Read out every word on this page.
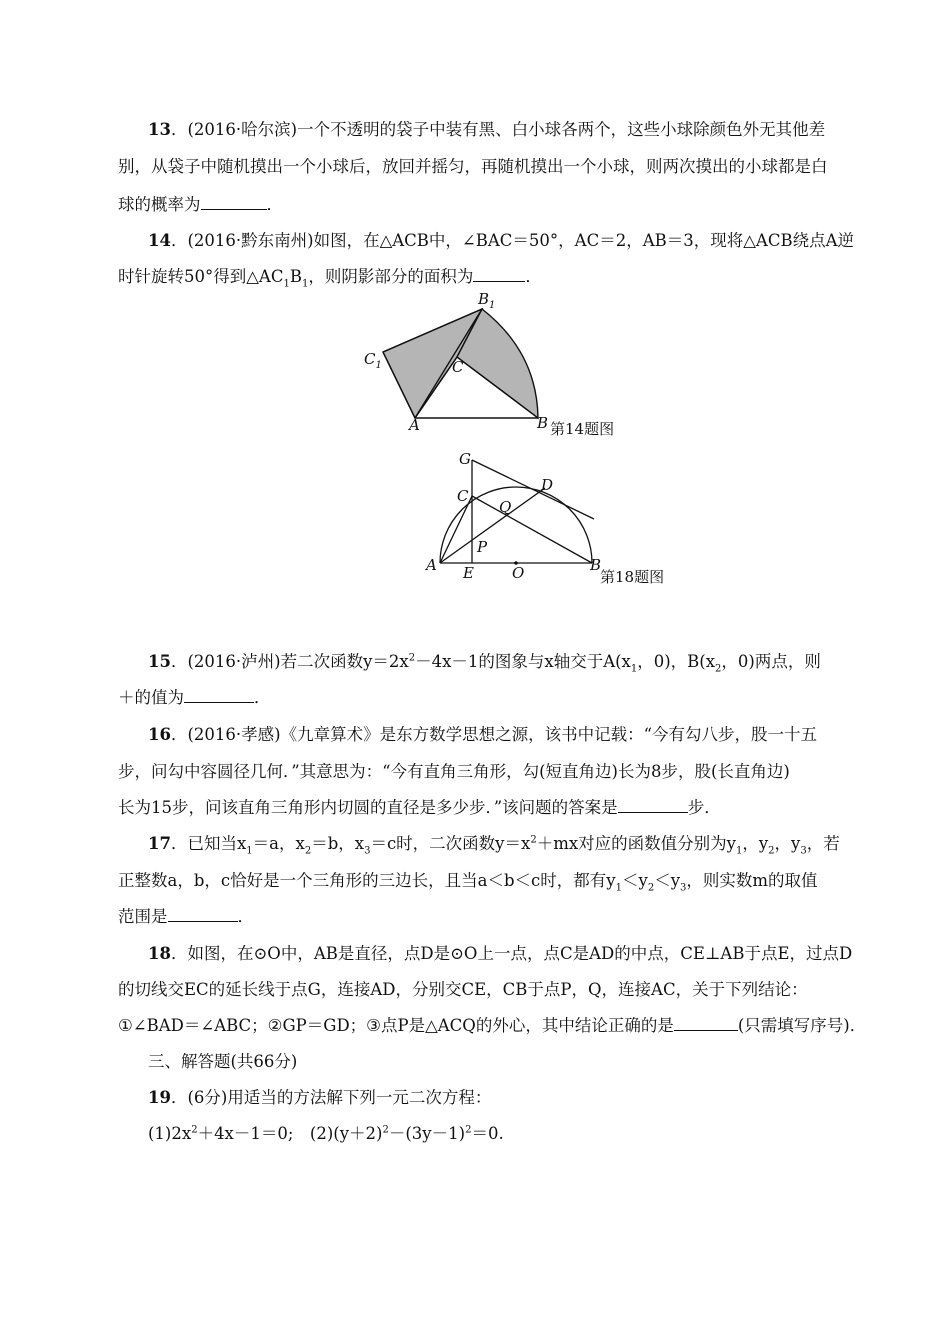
13．(2016·哈尔滨)一个不透明的袋子中装有黑、白小球各两个，这些小球除颜色外无其他差
别，从袋子中随机摸出一个小球后，放回并摇匀，再随机摸出一个小球，则两次摸出的小球都是白
球的概率为	．
14．(2016·黔东南州)如图，在△ACB中，∠BAC＝50°，AC＝2，AB＝3，现将△ACB绕点A逆
时针旋转50°得到$\triangle AC_1B_1$，则阴影部分的面积为	．
$B_1$
$C_1$	C
A	B 第14题图
G
C
D
Q
P
A E	O	B
第18题图
15．(2016·泸州)若二次函数$y=2x^2-4x-1$的图象与x轴交于$A(x_1$，0)，$B(x_2$，0)两点，则
＋的值为	．
16．(2016·孝感)《九章算术》是东方数学思想之源，该书中记载：“今有勾八步，股一十五
步，问勾中容圆径几何．”其意思为：“今有直角三角形，勾(短直角边)长为8步，股(长直角边)
长为15步，问该直角三角形内切圆的直径是多少步．”该问题的答案是	步．
17．已知当$x_1=a$，$x_2=b$，$x_3=c$时，二次函数$y=x^2+mx$对应的函数值分别为$y_1$，$y_2$，$y_3$，若
正整数a，b，c恰好是一个三角形的三边长，且当a＜b＜c时，都有$y_1<y_2<y_3$，则实数m的取值
范围是	．
18．如图，在⊙O中，AB是直径，点D是⊙O上一点，点C是AD的中点，CE⊥AB于点E，过点D
的切线交EC的延长线于点G，连接AD，分别交CE，CB于点P，Q，连接AC，关于下列结论：
①∠BAD＝∠ABC；②GP＝GD；③点P是△ACQ的外心，其中结论正确的是	(只需填写序号)．
三、解答题(共66分)
19．(6分)用适当的方法解下列一元二次方程：
$(1)2x^2+4x-1=0$;　$(2)(y+2)^2-(3y-1)^2=0$.
